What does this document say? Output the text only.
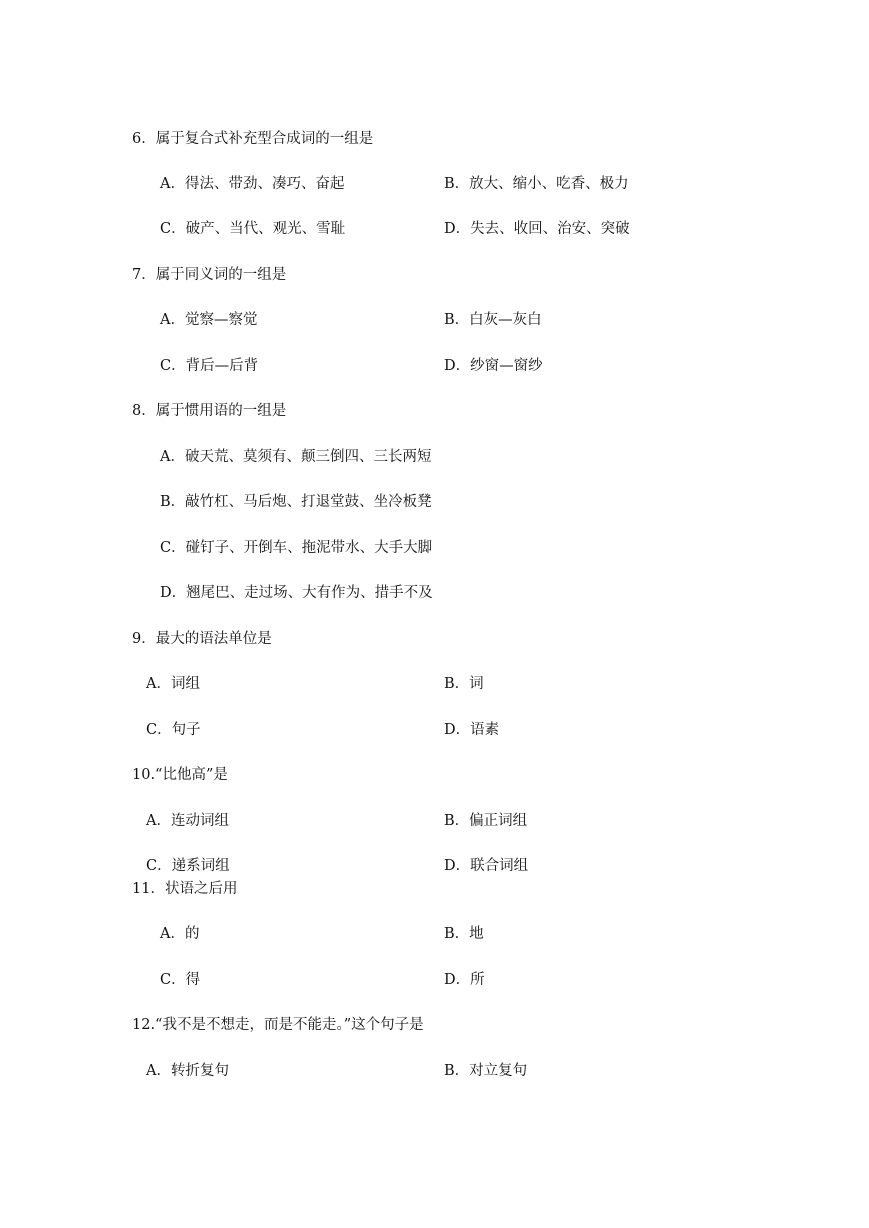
6．属于复合式补充型合成词的一组是
A．得法、带劲、凑巧、奋起	B．放大、缩小、吃香、极力
C．破产、当代、观光、雪耻	D．失去、收回、治安、突破
7．属于同义词的一组是
A．觉察—察觉	B．白灰—灰白
C．背后—后背	D．纱窗—窗纱
8．属于惯用语的一组是
A．破天荒、莫须有、颠三倒四、三长两短
B．敲竹杠、马后炮、打退堂鼓、坐冷板凳
C．碰钉子、开倒车、拖泥带水、大手大脚
D．翘尾巴、走过场、大有作为、措手不及
9．最大的语法单位是
A．词组	B．词
C．句子	D．语素
10.“比他高”是
A．连动词组	B．偏正词组
C．递系词组	D．联合词组
11．状语之后用
A．的	B．地
C．得	D．所
12.“我不是不想走，而是不能走。”这个句子是
A．转折复句	B．对立复句
